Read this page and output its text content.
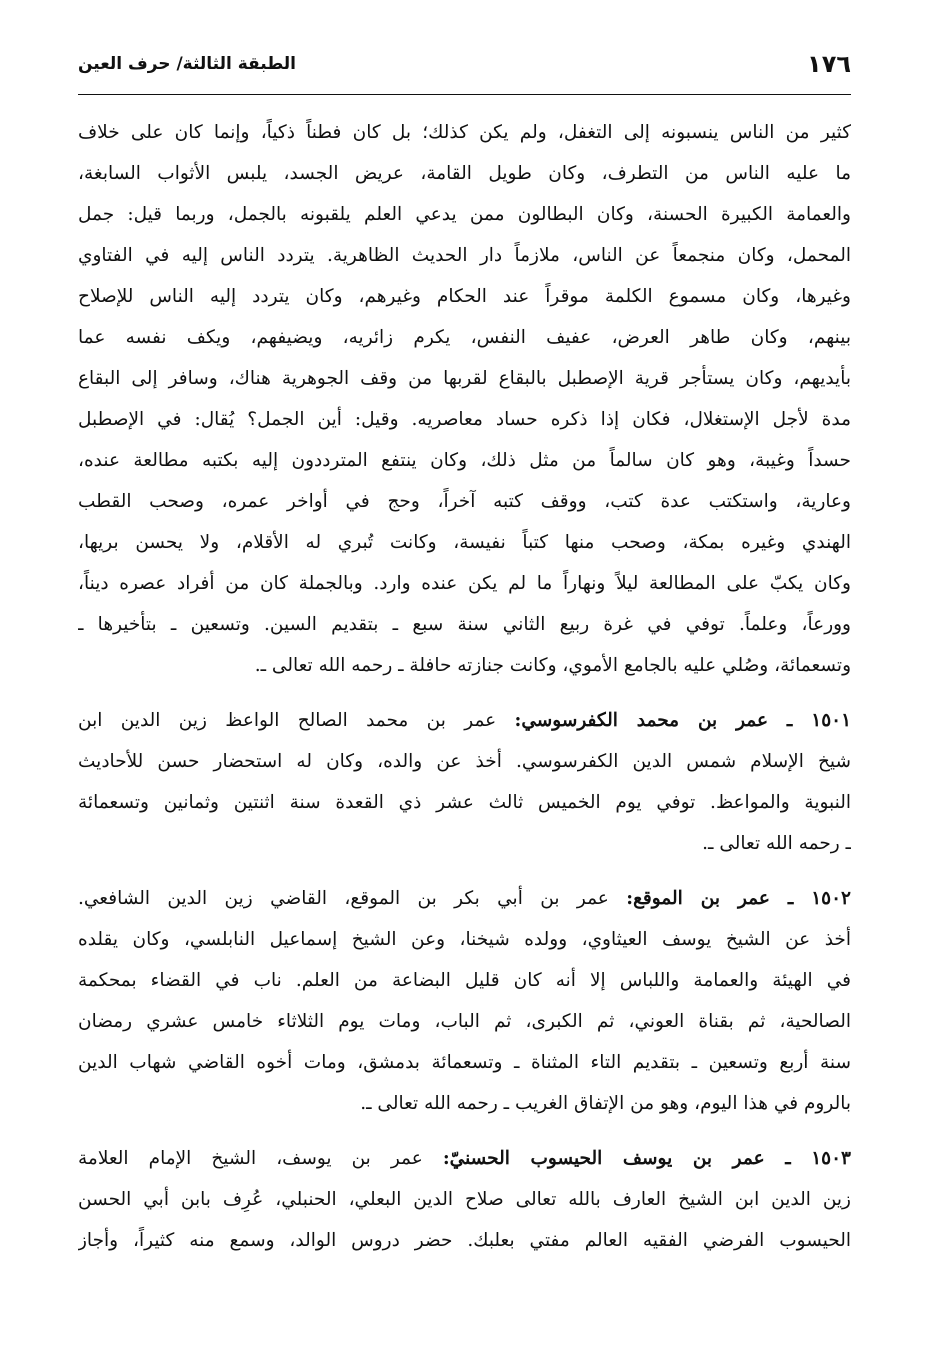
١٧٦
الطبقة الثالثة/ حرف العين
كثير من الناس ينسبونه إلى التغفل، ولم يكن كذلك؛ بل كان فطناً ذكياً، وإنما كان على خلاف
ما عليه الناس من التطرف، وكان طويل القامة، عريض الجسد، يلبس الأثواب السابغة،
والعمامة الكبيرة الحسنة، وكان البطالون ممن يدعي العلم يلقبونه بالجمل، وربما قيل: جمل
المحمل، وكان منجمعاً عن الناس، ملازماً دار الحديث الظاهرية. يتردد الناس إليه في الفتاوي
وغيرها، وكان مسموع الكلمة موقراً عند الحكام وغيرهم، وكان يتردد إليه الناس للإصلاح
بينهم، وكان طاهر العرض، عفيف النفس، يكرم زائريه، ويضيفهم، ويكف نفسه عما
بأيديهم، وكان يستأجر قرية الإصطبل بالبقاع لقربها من وقف الجوهرية هناك، وسافر إلى البقاع
مدة لأجل الإستغلال، فكان إذا ذكره حساد معاصريه. وقيل: أين الجمل؟ يُقال: في الإصطبل
حسداً وغيبة، وهو كان سالماً من مثل ذلك، وكان ينتفع المترددون إليه بكتبه مطالعة عنده،
وعارية، واستكتب عدة كتب، ووقف كتبه آخراً، وحج في أواخر عمره، وصحب القطب
الهندي وغيره بمكة، وصحب منها كتباً نفيسة، وكانت تُبري له الأقلام، ولا يحسن بريها،
وكان يكبّ على المطالعة ليلاً ونهاراً ما لم يكن عنده وارد. وبالجملة كان من أفراد عصره ديناً،
وورعاً، وعلماً. توفي في غرة ربيع الثاني سنة سبع ـ بتقديم السين. وتسعين ـ بتأخيرها ـ
وتسعمائة، وصُلي عليه بالجامع الأموي، وكانت جنازته حافلة ـ رحمه الله تعالى ـ.
١٥٠١ ـ عمر بن محمد الكفرسوسي: عمر بن محمد الصالح الواعظ زين الدين ابن
شيخ الإسلام شمس الدين الكفرسوسي. أخذ عن والده، وكان له استحضار حسن للأحاديث
النبوية والمواعظ. توفي يوم الخميس ثالث عشر ذي القعدة سنة اثنتين وثمانين وتسعمائة
ـ رحمه الله تعالى ـ.
١٥٠٢ ـ عمر بن الموقع: عمر بن أبي بكر بن الموقع، القاضي زين الدين الشافعي.
أخذ عن الشيخ يوسف العيثاوي، وولده شيخنا، وعن الشيخ إسماعيل النابلسي، وكان يقلده
في الهيئة والعمامة واللباس إلا أنه كان قليل البضاعة من العلم. ناب في القضاء بمحكمة
الصالحية، ثم بقناة العوني، ثم الكبرى، ثم الباب، ومات يوم الثلاثاء خامس عشري رمضان
سنة أربع وتسعين ـ بتقديم التاء المثناة ـ وتسعمائة بدمشق، ومات أخوه القاضي شهاب الدين
بالروم في هذا اليوم، وهو من الإتفاق الغريب ـ رحمه الله تعالى ـ.
١٥٠٣ ـ عمر بن يوسف الحيسوب الحسنيّ: عمر بن يوسف، الشيخ الإمام العلامة
زين الدين ابن الشيخ العارف بالله تعالى صلاح الدين البعلي، الحنبلي، عُرِف بابن أبي الحسن
الحيسوب الفرضي الفقيه العالم مفتي بعلبك. حضر دروس الوالد، وسمع منه كثيراً، وأجاز
